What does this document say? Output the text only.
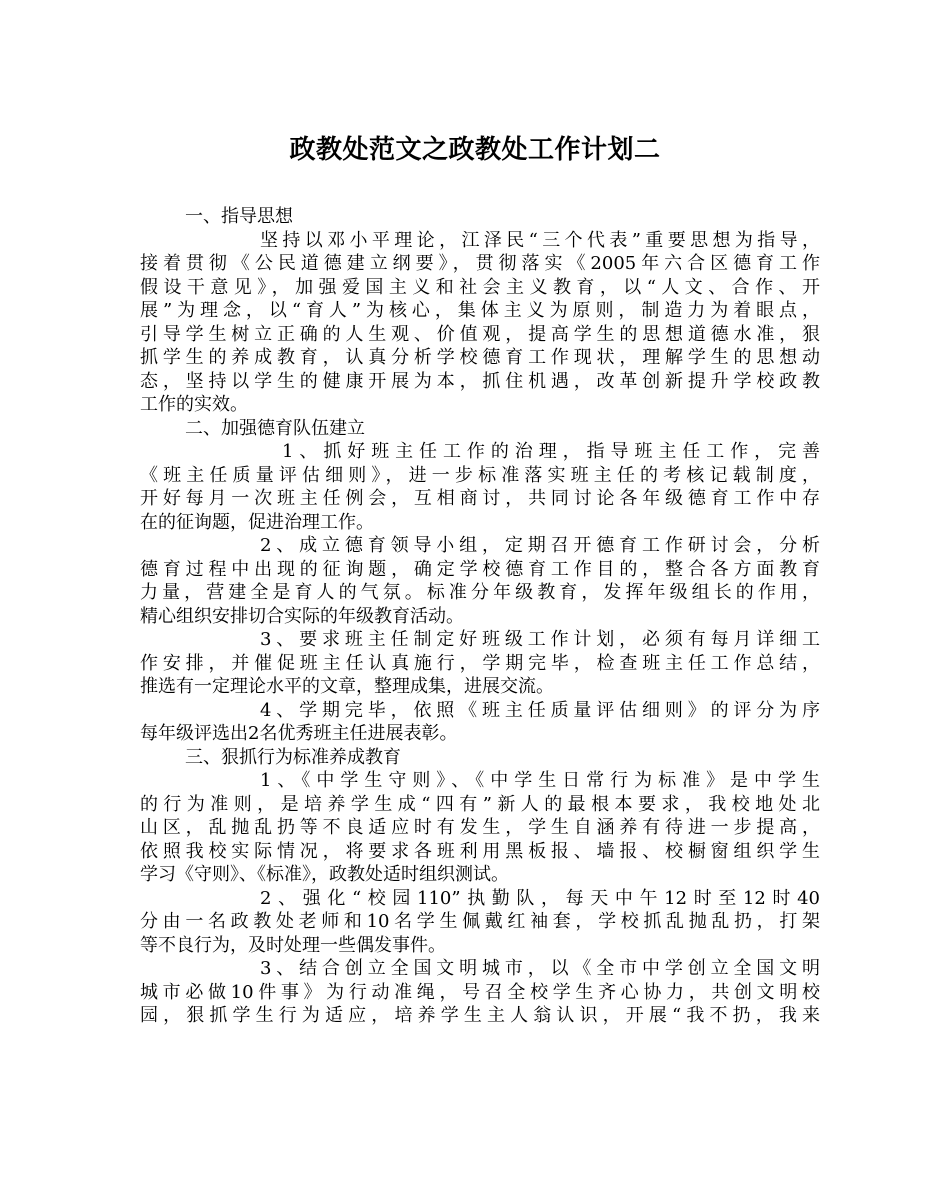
政教处范文之政教处工作计划二
一、指导思想
坚持以邓小平理论，江泽民“三个代表”重要思想为指导，
接着贯彻《公民道德建立纲要》，贯彻落实《2005年六合区德育工作
假设干意见》，加强爱国主义和社会主义教育，以“人文、合作、开
展”为理念，以“育人”为核心，集体主义为原则，制造力为着眼点，
引导学生树立正确的人生观、价值观，提高学生的思想道德水准，狠
抓学生的养成教育，认真分析学校德育工作现状，理解学生的思想动
态，坚持以学生的健康开展为本，抓住机遇，改革创新提升学校政教
工作的实效。
二、加强德育队伍建立
1、抓好班主任工作的治理，指导班主任工作，完善
《班主任质量评估细则》，进一步标准落实班主任的考核记载制度，
开好每月一次班主任例会，互相商讨，共同讨论各年级德育工作中存
在的征询题，促进治理工作。
2、成立德育领导小组，定期召开德育工作研讨会，分析
德育过程中出现的征询题，确定学校德育工作目的，整合各方面教育
力量，营建全是育人的气氛。标准分年级教育，发挥年级组长的作用，
精心组织安排切合实际的年级教育活动。
3、要求班主任制定好班级工作计划，必须有每月详细工
作安排，并催促班主任认真施行，学期完毕，检查班主任工作总结，
推选有一定理论水平的文章，整理成集，进展交流。
4、学期完毕，依照《班主任质量评估细则》的评分为序
每年级评选出2名优秀班主任进展表彰。
三、狠抓行为标准养成教育
1、《中学生守则》、《中学生日常行为标准》是中学生
的行为准则，是培养学生成“四有”新人的最根本要求，我校地处北
山区，乱抛乱扔等不良适应时有发生，学生自涵养有待进一步提高，
依照我校实际情况，将要求各班利用黑板报、墙报、校橱窗组织学生
学习《守则》、《标准》，政教处适时组织测试。
2、强化“校园110”执勤队，每天中午12时至12时40
分由一名政教处老师和10名学生佩戴红袖套，学校抓乱抛乱扔，打架
等不良行为，及时处理一些偶发事件。
3、结合创立全国文明城市，以《全市中学创立全国文明
城市必做10件事》为行动准绳，号召全校学生齐心协力，共创文明校
园，狠抓学生行为适应，培养学生主人翁认识，开展“我不扔，我来
